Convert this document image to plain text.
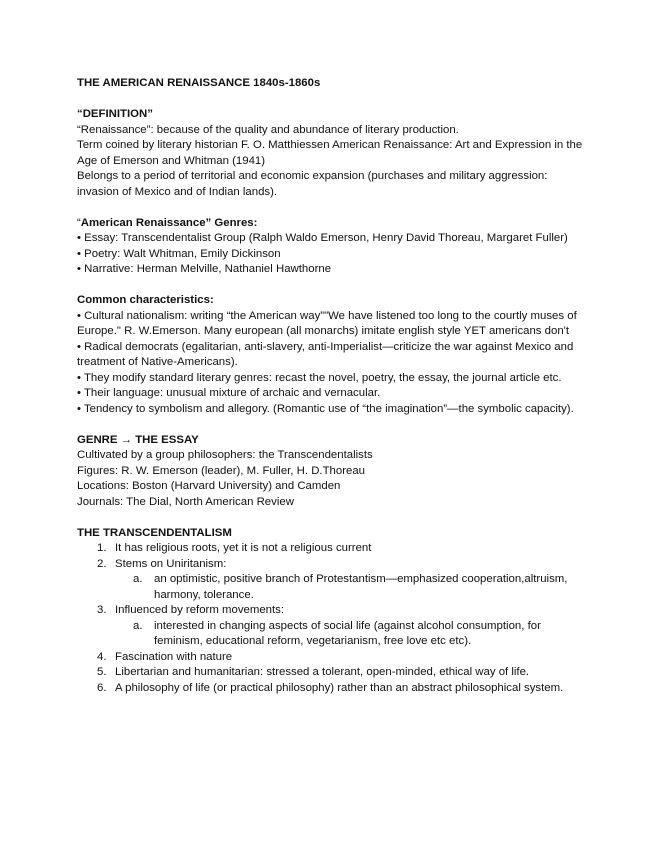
THE AMERICAN RENAISSANCE 1840s-1860s

“DEFINITION”

“Renaissance”: because of the quality and abundance of literary production.

Term coined by literary historian F. O. Matthiessen American Renaissance: Art and Expression in the Age of Emerson and Whitman (1941)

Belongs to a period of territorial and economic expansion (purchases and military aggression: invasion of Mexico and of Indian lands).

“American Renaissance” Genres:

• Essay: Transcendentalist Group (Ralph Waldo Emerson, Henry David Thoreau, Margaret Fuller)

• Poetry: Walt Whitman, Emily Dickinson

• Narrative: Herman Melville, Nathaniel Hawthorne

Common characteristics:

• Cultural nationalism: writing “the American way”"We have listened too long to the courtly muses of Europe." R. W.Emerson. Many european (all monarchs) imitate english style YET americans don't

• Radical democrats (egalitarian, anti-slavery, anti-Imperialist—criticize the war against Mexico and treatment of Native-Americans).

• They modify standard literary genres: recast the novel, poetry, the essay, the journal article etc.

• Their language: unusual mixture of archaic and vernacular.

• Tendency to symbolism and allegory. (Romantic use of “the imagination”—the symbolic capacity).

GENRE → THE ESSAY

Cultivated by a group philosophers: the Transcendentalists

Figures: R. W. Emerson (leader), M. Fuller, H. D.Thoreau

Locations: Boston (Harvard University) and Camden

Journals: The Dial, North American Review

THE TRANSCENDENTALISM

1. It has religious roots, yet it is not a religious current
2. Stems on Uniritanism:
a. an optimistic, positive branch of Protestantism—emphasized cooperation,altruism, harmony, tolerance.
3. Influenced by reform movements:
a. interested in changing aspects of social life (against alcohol consumption, for feminism, educational reform, vegetarianism, free love etc etc).
4. Fascination with nature
5. Libertarian and humanitarian: stressed a tolerant, open-minded, ethical way of life.
6. A philosophy of life (or practical philosophy) rather than an abstract philosophical system.
